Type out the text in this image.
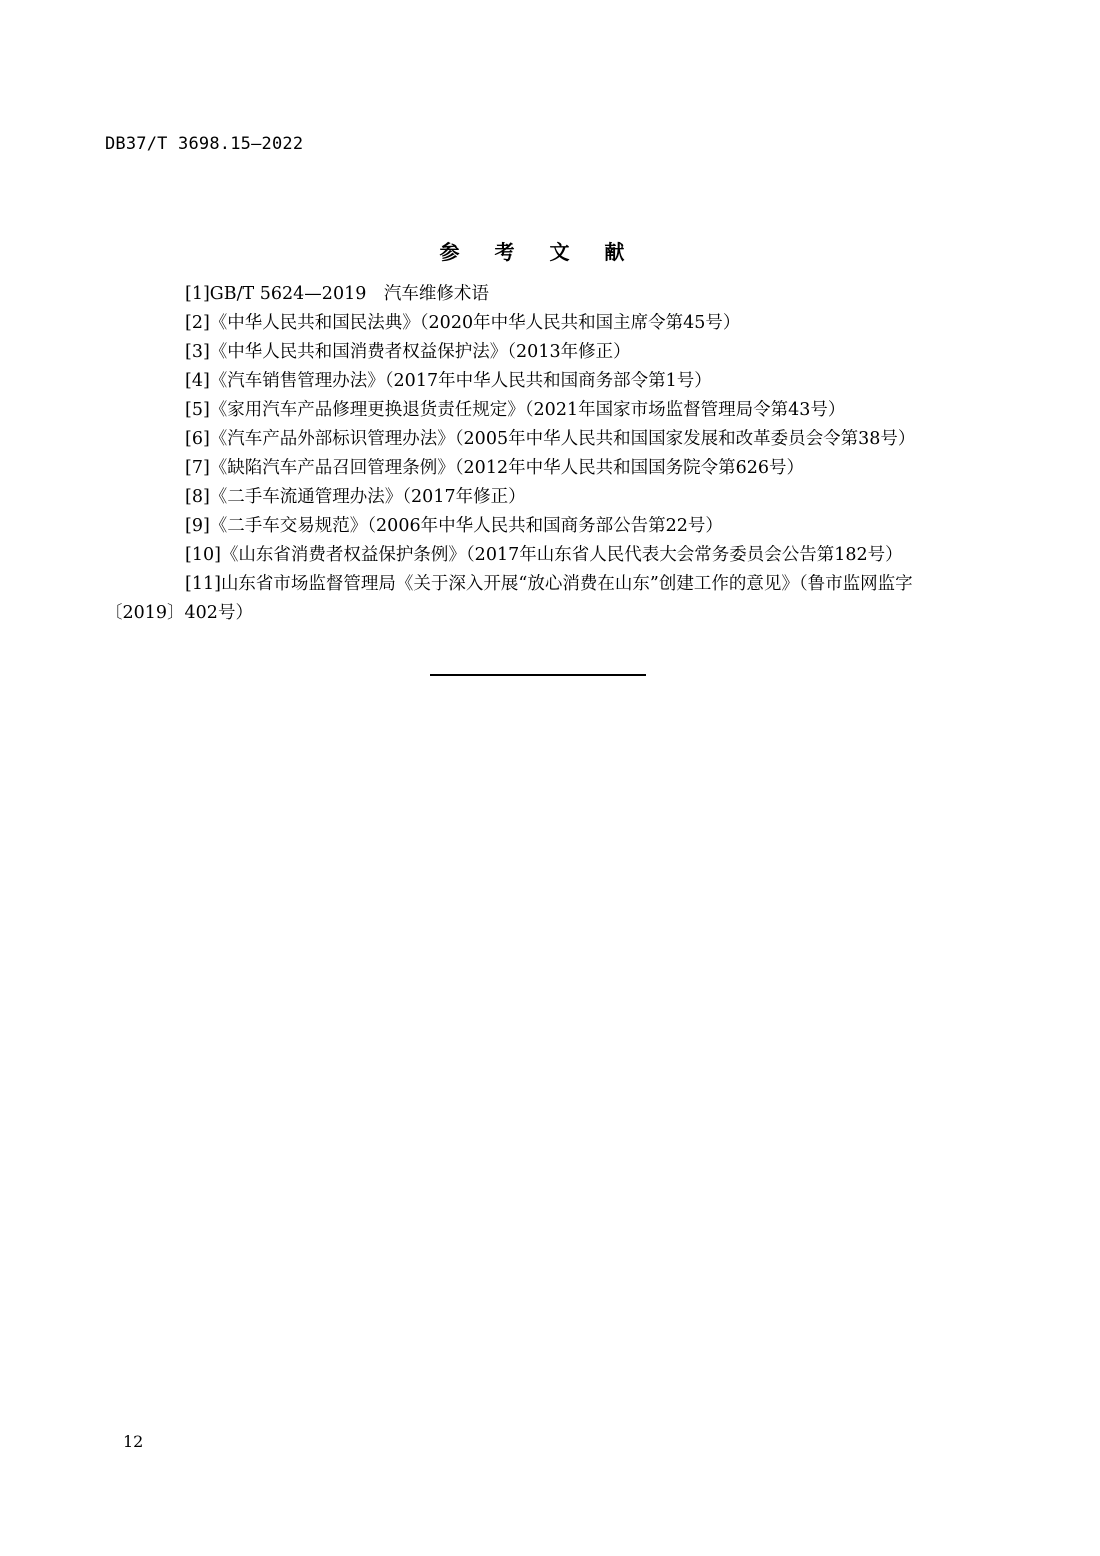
DB37/T 3698.15—2022
参 考 文 献
[1]GB/T 5624—2019　汽车维修术语
[2]《中华人民共和国民法典》（2020年中华人民共和国主席令第45号）
[3]《中华人民共和国消费者权益保护法》（2013年修正）
[4]《汽车销售管理办法》（2017年中华人民共和国商务部令第1号）
[5]《家用汽车产品修理更换退货责任规定》（2021年国家市场监督管理局令第43号）
[6]《汽车产品外部标识管理办法》（2005年中华人民共和国国家发展和改革委员会令第38号）
[7]《缺陷汽车产品召回管理条例》（2012年中华人民共和国国务院令第626号）
[8]《二手车流通管理办法》（2017年修正）
[9]《二手车交易规范》（2006年中华人民共和国商务部公告第22号）
[10]《山东省消费者权益保护条例》（2017年山东省人民代表大会常务委员会公告第182号）
[11]山东省市场监督管理局《关于深入开展“放心消费在山东”创建工作的意见》（鲁市监网监字〔2019〕402号）
12
